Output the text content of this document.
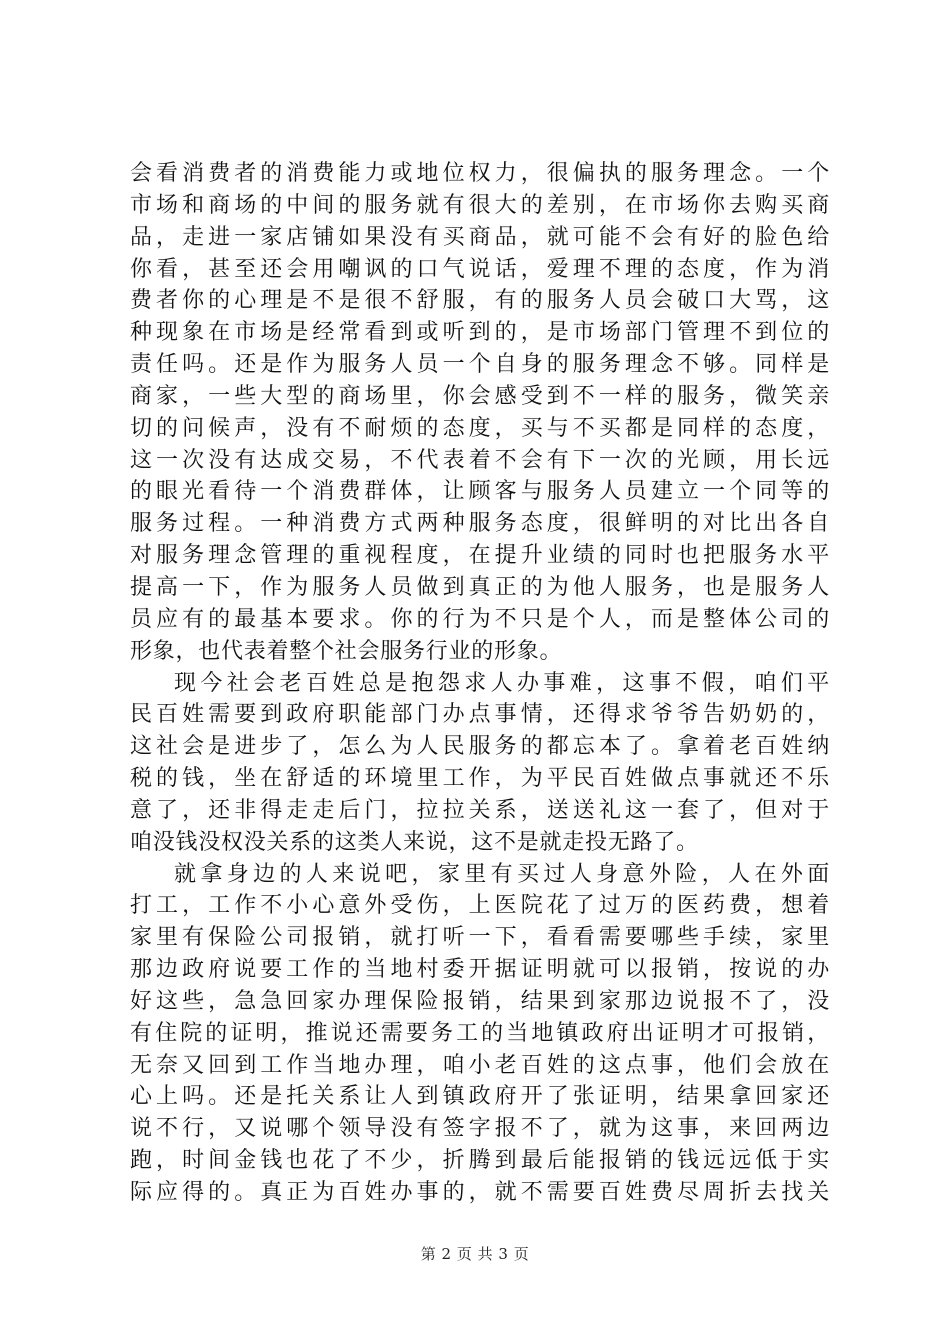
会看消费者的消费能力或地位权力，很偏执的服务理念。一个
市场和商场的中间的服务就有很大的差别，在市场你去购买商
品，走进一家店铺如果没有买商品，就可能不会有好的脸色给
你看，甚至还会用嘲讽的口气说话，爱理不理的态度，作为消
费者你的心理是不是很不舒服，有的服务人员会破口大骂，这
种现象在市场是经常看到或听到的，是市场部门管理不到位的
责任吗。还是作为服务人员一个自身的服务理念不够。同样是
商家，一些大型的商场里，你会感受到不一样的服务，微笑亲
切的问候声，没有不耐烦的态度，买与不买都是同样的态度，
这一次没有达成交易，不代表着不会有下一次的光顾，用长远
的眼光看待一个消费群体，让顾客与服务人员建立一个同等的
服务过程。一种消费方式两种服务态度，很鲜明的对比出各自
对服务理念管理的重视程度，在提升业绩的同时也把服务水平
提高一下，作为服务人员做到真正的为他人服务，也是服务人
员应有的最基本要求。你的行为不只是个人，而是整体公司的
形象，也代表着整个社会服务行业的形象。
现今社会老百姓总是抱怨求人办事难，这事不假，咱们平
民百姓需要到政府职能部门办点事情，还得求爷爷告奶奶的，
这社会是进步了，怎么为人民服务的都忘本了。拿着老百姓纳
税的钱，坐在舒适的环境里工作，为平民百姓做点事就还不乐
意了，还非得走走后门，拉拉关系，送送礼这一套了，但对于
咱没钱没权没关系的这类人来说，这不是就走投无路了。
就拿身边的人来说吧，家里有买过人身意外险，人在外面
打工，工作不小心意外受伤，上医院花了过万的医药费，想着
家里有保险公司报销，就打听一下，看看需要哪些手续，家里
那边政府说要工作的当地村委开据证明就可以报销，按说的办
好这些，急急回家办理保险报销，结果到家那边说报不了，没
有住院的证明，推说还需要务工的当地镇政府出证明才可报销，
无奈又回到工作当地办理，咱小老百姓的这点事，他们会放在
心上吗。还是托关系让人到镇政府开了张证明，结果拿回家还
说不行，又说哪个领导没有签字报不了，就为这事，来回两边
跑，时间金钱也花了不少，折腾到最后能报销的钱远远低于实
际应得的。真正为百姓办事的，就不需要百姓费尽周折去找关
第 2 页 共 3 页
